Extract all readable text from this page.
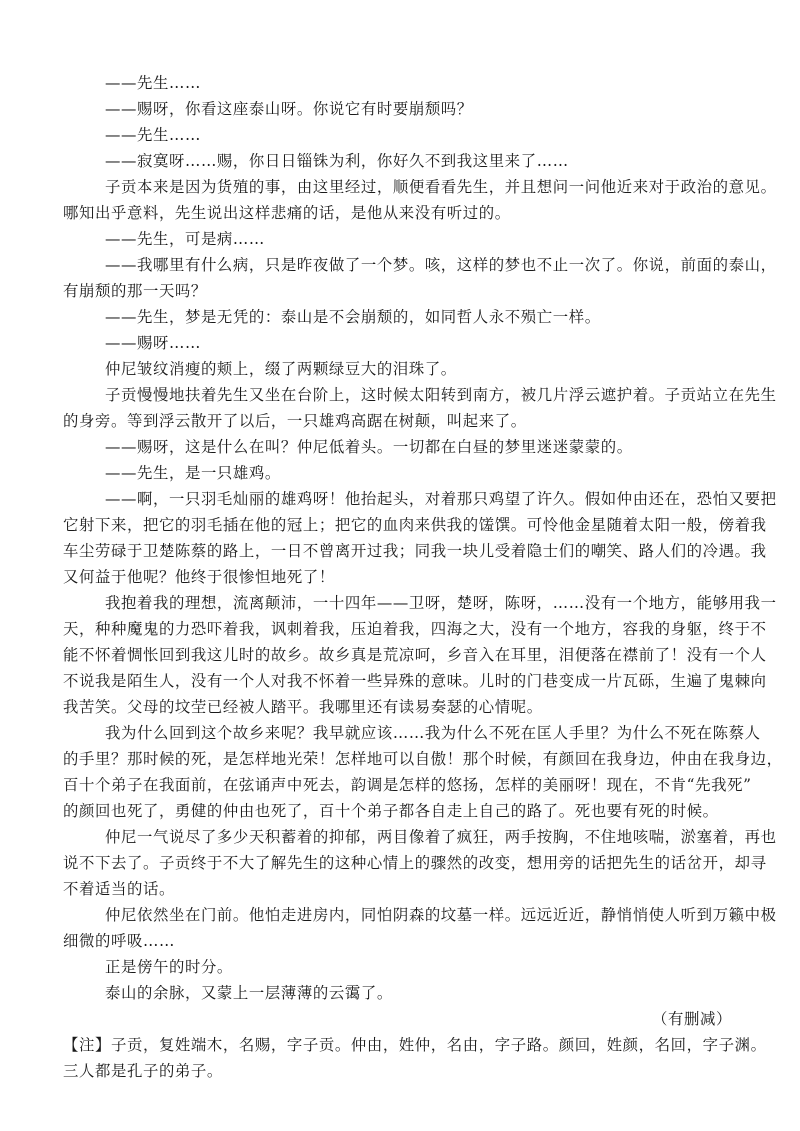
——先生……
——赐呀，你看这座泰山呀。你说它有时要崩颓吗？
——先生……
——寂寞呀……赐，你日日锱铢为利，你好久不到我这里来了……
子贡本来是因为货殖的事，由这里经过，顺便看看先生，并且想问一问他近来对于政治的意见。
哪知出乎意料，先生说出这样悲痛的话，是他从来没有听过的。
——先生，可是病……
——我哪里有什么病，只是昨夜做了一个梦。咳，这样的梦也不止一次了。你说，前面的泰山，
有崩颓的那一天吗？
——先生，梦是无凭的：泰山是不会崩颓的，如同哲人永不殒亡一样。
——赐呀……
仲尼皱纹消瘦的颊上，缀了两颗绿豆大的泪珠了。
子贡慢慢地扶着先生又坐在台阶上，这时候太阳转到南方，被几片浮云遮护着。子贡站立在先生
的身旁。等到浮云散开了以后，一只雄鸡高踞在树颠，叫起来了。
——赐呀，这是什么在叫？仲尼低着头。一切都在白昼的梦里迷迷蒙蒙的。
——先生，是一只雄鸡。
——啊，一只羽毛灿丽的雄鸡呀！他抬起头，对着那只鸡望了许久。假如仲由还在，恐怕又要把
它射下来，把它的羽毛插在他的冠上；把它的血肉来供我的馐馔。可怜他金星随着太阳一般，傍着我
车尘劳碌于卫楚陈蔡的路上，一日不曾离开过我；同我一块儿受着隐士们的嘲笑、路人们的冷遇。我
又何益于他呢？他终于很惨怛地死了！
我抱着我的理想，流离颠沛，一十四年——卫呀，楚呀，陈呀，……没有一个地方，能够用我一
天，种种魔鬼的力恐吓着我，讽刺着我，压迫着我，四海之大，没有一个地方，容我的身躯，终于不
能不怀着惆怅回到我这儿时的故乡。故乡真是荒凉呵，乡音入在耳里，泪便落在襟前了！没有一个人
不说我是陌生人，没有一个人对我不怀着一些异殊的意味。儿时的门巷变成一片瓦砾，生遍了鬼棘向
我苦笑。父母的坟茔已经被人踏平。我哪里还有读易奏瑟的心情呢。
我为什么回到这个故乡来呢？我早就应该……我为什么不死在匡人手里？为什么不死在陈蔡人
的手里？那时候的死，是怎样地光荣！怎样地可以自傲！那个时候，有颜回在我身边，仲由在我身边，
百十个弟子在我面前，在弦诵声中死去，韵调是怎样的悠扬，怎样的美丽呀！现在，不肯“先我死”
的颜回也死了，勇健的仲由也死了，百十个弟子都各自走上自己的路了。死也要有死的时候。
仲尼一气说尽了多少天积蓄着的抑郁，两目像着了疯狂，两手按胸，不住地咳喘，淤塞着，再也
说不下去了。子贡终于不大了解先生的这种心情上的骤然的改变，想用旁的话把先生的话岔开，却寻
不着适当的话。
仲尼依然坐在门前。他怕走进房内，同怕阴森的坟墓一样。远远近近，静悄悄使人听到万籁中极
细微的呼吸……
正是傍午的时分。
泰山的余脉，又蒙上一层薄薄的云霭了。
（有删减）
【注】子贡，复姓端木，名赐，字子贡。仲由，姓仲，名由，字子路。颜回，姓颜，名回，字子渊。
三人都是孔子的弟子。
